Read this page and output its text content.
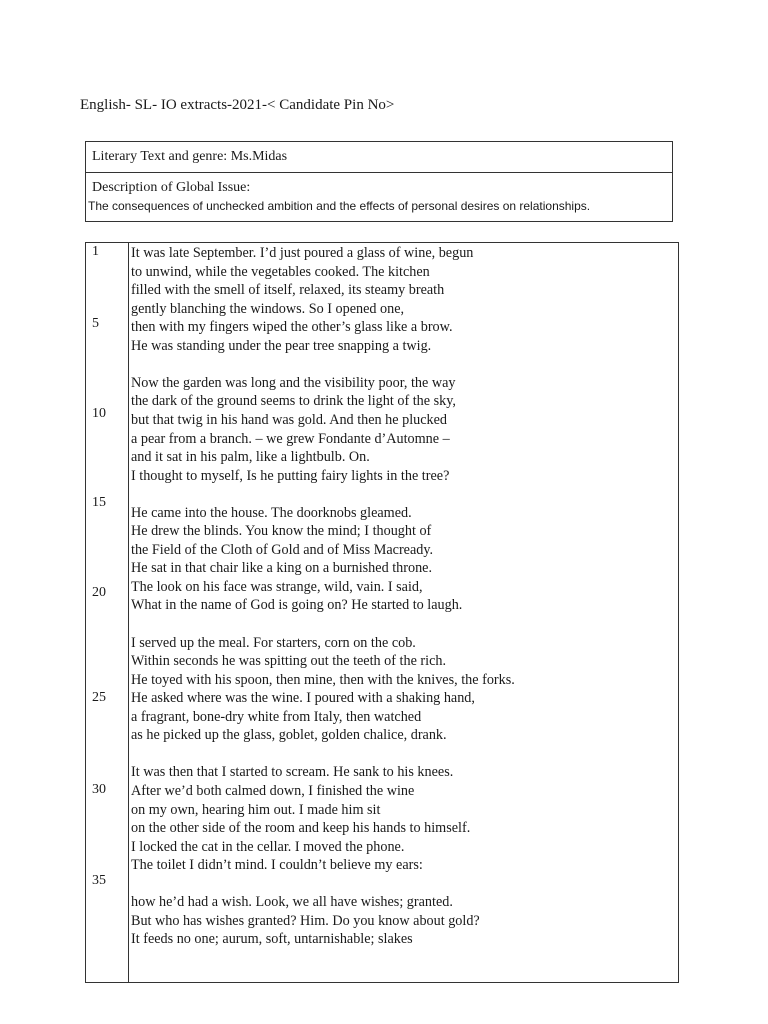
English- SL- IO extracts-2021-< Candidate Pin No>
Literary Text and genre: Ms.Midas
Description of Global Issue:
The consequences of unchecked ambition and the effects of personal desires on relationships.
1
5
10
15
20
25
30
35
It was late September. I’d just poured a glass of wine, begun
to unwind, while the vegetables cooked. The kitchen
filled with the smell of itself, relaxed, its steamy breath
gently blanching the windows. So I opened one,
then with my fingers wiped the other’s glass like a brow.
He was standing under the pear tree snapping a twig.
Now the garden was long and the visibility poor, the way
the dark of the ground seems to drink the light of the sky,
but that twig in his hand was gold. And then he plucked
a pear from a branch. – we grew Fondante d’Automne –
and it sat in his palm, like a lightbulb. On.
I thought to myself, Is he putting fairy lights in the tree?
He came into the house. The doorknobs gleamed.
He drew the blinds. You know the mind; I thought of
the Field of the Cloth of Gold and of Miss Macready.
He sat in that chair like a king on a burnished throne.
The look on his face was strange, wild, vain. I said,
What in the name of God is going on? He started to laugh.
I served up the meal. For starters, corn on the cob.
Within seconds he was spitting out the teeth of the rich.
He toyed with his spoon, then mine, then with the knives, the forks.
He asked where was the wine. I poured with a shaking hand,
a fragrant, bone-dry white from Italy, then watched
as he picked up the glass, goblet, golden chalice, drank.
It was then that I started to scream. He sank to his knees.
After we’d both calmed down, I finished the wine
on my own, hearing him out. I made him sit
on the other side of the room and keep his hands to himself.
I locked the cat in the cellar. I moved the phone.
The toilet I didn’t mind. I couldn’t believe my ears:
how he’d had a wish. Look, we all have wishes; granted.
But who has wishes granted? Him. Do you know about gold?
It feeds no one; aurum, soft, untarnishable; slakes
